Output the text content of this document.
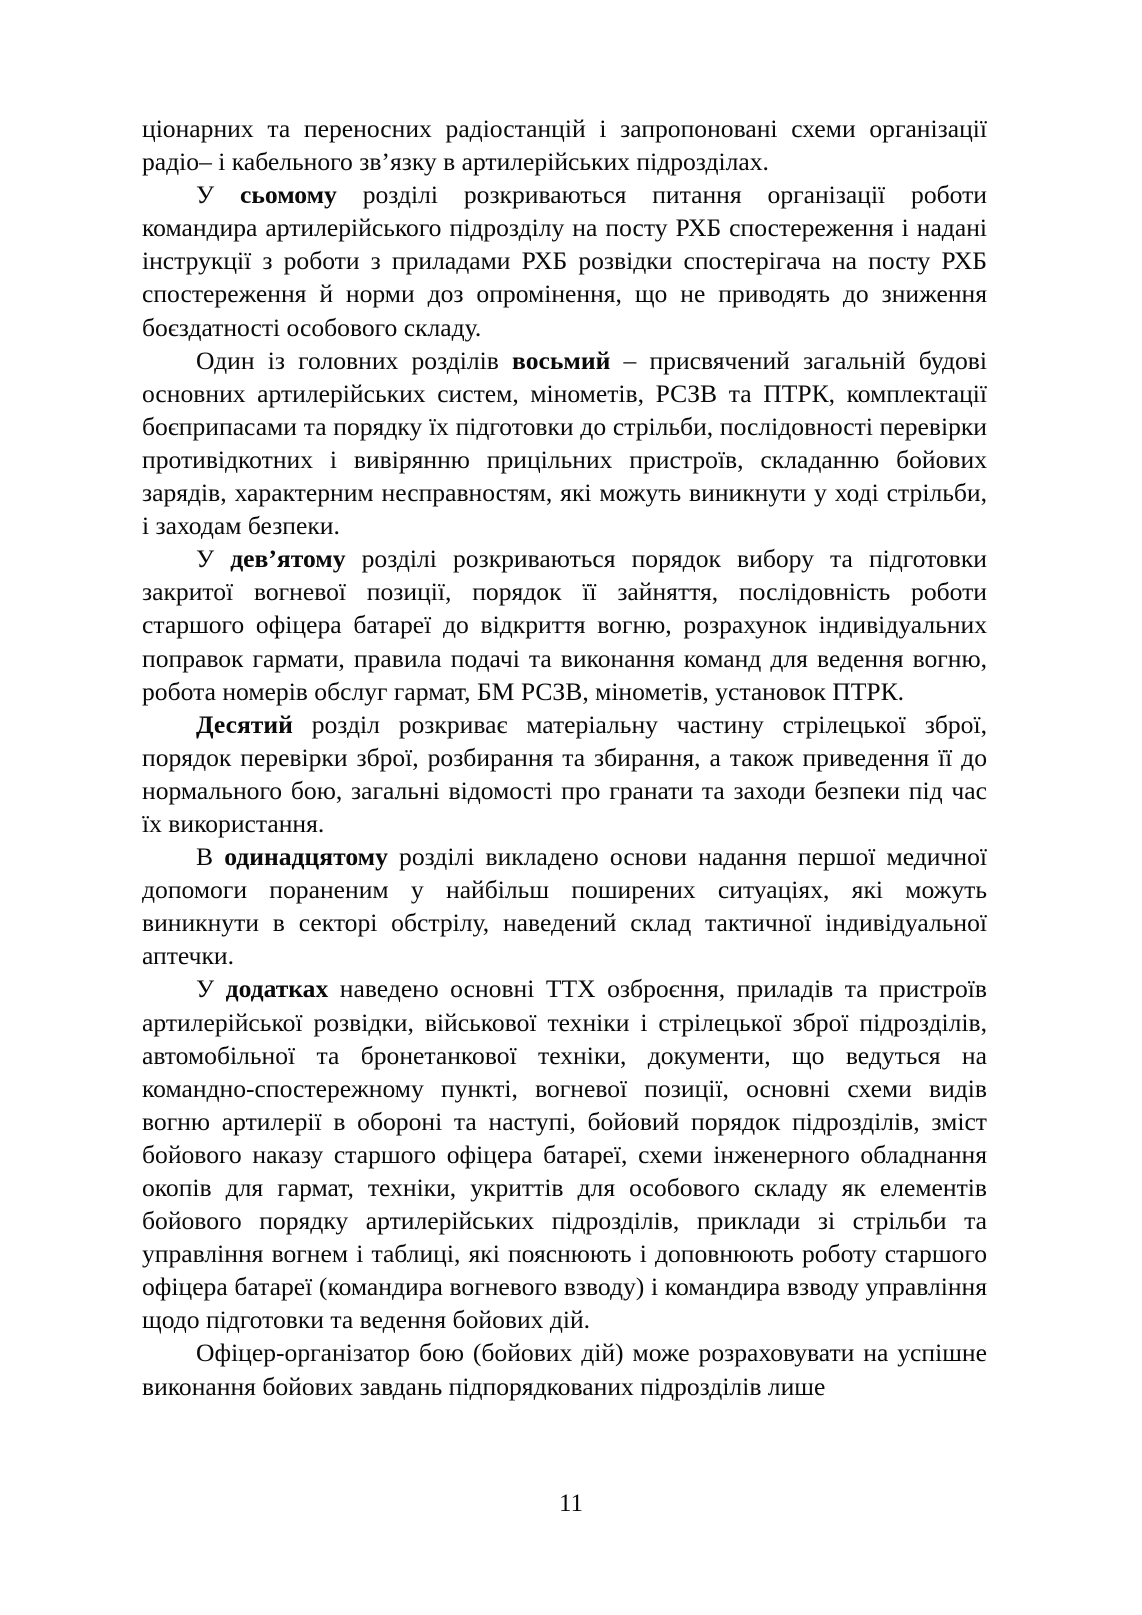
ціонарних та переносних радіостанцій і запропоновані схеми організації радіо– і кабельного зв’язку в артилерійських підрозділах.

У сьомому розділі розкриваються питання організації роботи командира артилерійського підрозділу на посту РХБ спостереження і надані інструкції з роботи з приладами РХБ розвідки спостерігача на посту РХБ спостереження й норми доз опромінення, що не приводять до зниження боєздатності особового складу.

Один із головних розділів восьмий – присвячений загальній будові основних артилерійських систем, мінометів, РСЗВ та ПТРК, комплектації боєприпасами та порядку їх підготовки до стрільби, послідовності перевірки противідкотних і вивірянню прицільних пристроїв, складанню бойових зарядів, характерним несправностям, які можуть виникнути у ході стрільби, і заходам безпеки.

У дев’ятому розділі розкриваються порядок вибору та підготовки закритої вогневої позиції, порядок її зайняття, послідовність роботи старшого офіцера батареї до відкриття вогню, розрахунок індивідуальних поправок гармати, правила подачі та виконання команд для ведення вогню, робота номерів обслуг гармат, БМ РСЗВ, мінометів, установок ПТРК.

Десятий розділ розкриває матеріальну частину стрілецької зброї, порядок перевірки зброї, розбирання та збирання, а також приведення її до нормального бою, загальні відомості про гранати та заходи безпеки під час їх використання.

В одинадцятому розділі викладено основи надання першої медичної допомоги пораненим у найбільш поширених ситуаціях, які можуть виникнути в секторі обстрілу, наведений склад тактичної індивідуальної аптечки.

У додатках наведено основні ТТХ озброєння, приладів та пристроїв артилерійської розвідки, військової техніки і стрілецької зброї підрозділів, автомобільної та бронетанкової техніки, документи, що ведуться на командно-спостережному пункті, вогневої позиції, основні схеми видів вогню артилерії в обороні та наступі, бойовий порядок підрозділів, зміст бойового наказу старшого офіцера батареї, схеми інженерного обладнання окопів для гармат, техніки, укриттів для особового складу як елементів бойового порядку артилерійських підрозділів, приклади зі стрільби та управління вогнем і таблиці, які пояснюють і доповнюють роботу старшого офіцера батареї (командира вогневого взводу) і командира взводу управління щодо підготовки та ведення бойових дій.

Офіцер-організатор бою (бойових дій) може розраховувати на успішне виконання бойових завдань підпорядкованих підрозділів лише

11
